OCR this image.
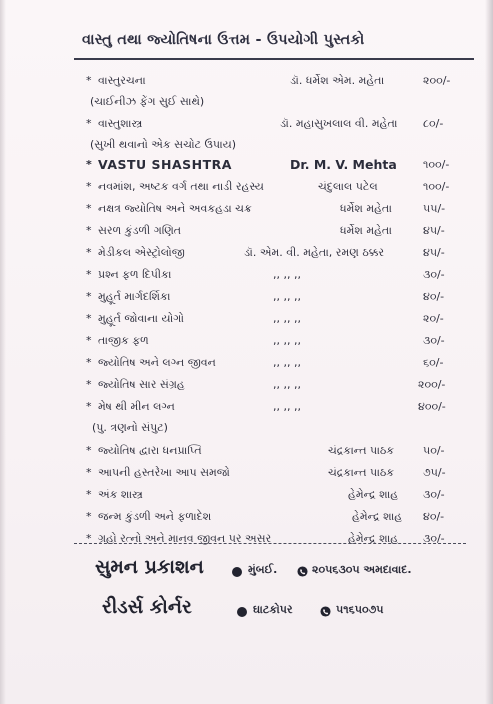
વાસ્તુ તથા જ્યોતિષના ઉત્તમ - ઉપયોગી પુસ્તકો
* વાસ્તુરચના	ડૉ. ધર્મેશ એમ. મહેતા	૨૦૦/-
(ચાઈનીઝ ફેંગ સુઈ સાથે)
* વાસ્તુશાસ્ત્ર	ડૉ. મહાસુખલાલ વી. મહેતા ૮૦/-
(સુખી થવાનો એક સચોટ ઉપાય)
* VASTU SHASHTRA	Dr. M. V. Mehta ૧૦૦/-
* નવમાંશ, અષ્ટક વર્ગ તથા નાડી રહસ્ય	ચંદુલાલ પટેલ	૧૦૦/-
* નક્ષત્ર જ્યોતિષ અને અવકહડા ચક્ર	ધર્મેશ મહેતા	૫૫/-
* સરળ કુંડળી ગણિત	ધર્મેશ મહેતા	૪૫/-
* મેડીકલ એસ્ટ્રોલોજી	ડૉ. એમ. વી. મહેતા, રમણ ઠક્કર	૪૫/-
* પ્રશ્ન ફળ દિપીકા	,, ,, ,,	૩૦/-
* મુહૂર્ત માર્ગદર્શિકા	,, ,, ,,	૪૦/-
* મુહૂર્ત જોવાના યોગો	,, ,, ,,	૨૦/-
* તાજીક ફળ	,, ,, ,,	૩૦/-
* જ્યોતિષ અને લગ્ન જીવન	,, ,, ,,	૬૦/-
* જ્યોતિષ સાર સંગ્રહ	,, ,, ,,	૨૦૦/-
* મેષ થી મીન લગ્ન	,, ,, ,,	૪૦૦/-
(પુ. ત્રણનો સંપુટ)
* જ્યોતિષ દ્વારા ધનપ્રાપ્તિ	ચંદ્રકાન્ત પાઠક	૫૦/-
* આપની હસ્તરેખા આપ સમજો	ચંદ્રકાન્ત પાઠક	૭૫/-
* અંક શાસ્ત્ર	હેમેન્દ્ર શાહ ૩૦/-
* જન્મ કુંડળી અને ફળાદેશ	હેમેન્દ્ર શાહ ૪૦/-
* ગ્રહો રત્નો અને માનવ જીવન પર અસર	હેમેન્દ્ર શાહ ૩૦/-
સુમન પ્રકાશન	મુંબઈ.	૨૦૫૬૩૦૫ અમદાવાદ.
રીડર્સ કોર્નર	ઘાટકોપર	૫૧૬૫૦૭૫
